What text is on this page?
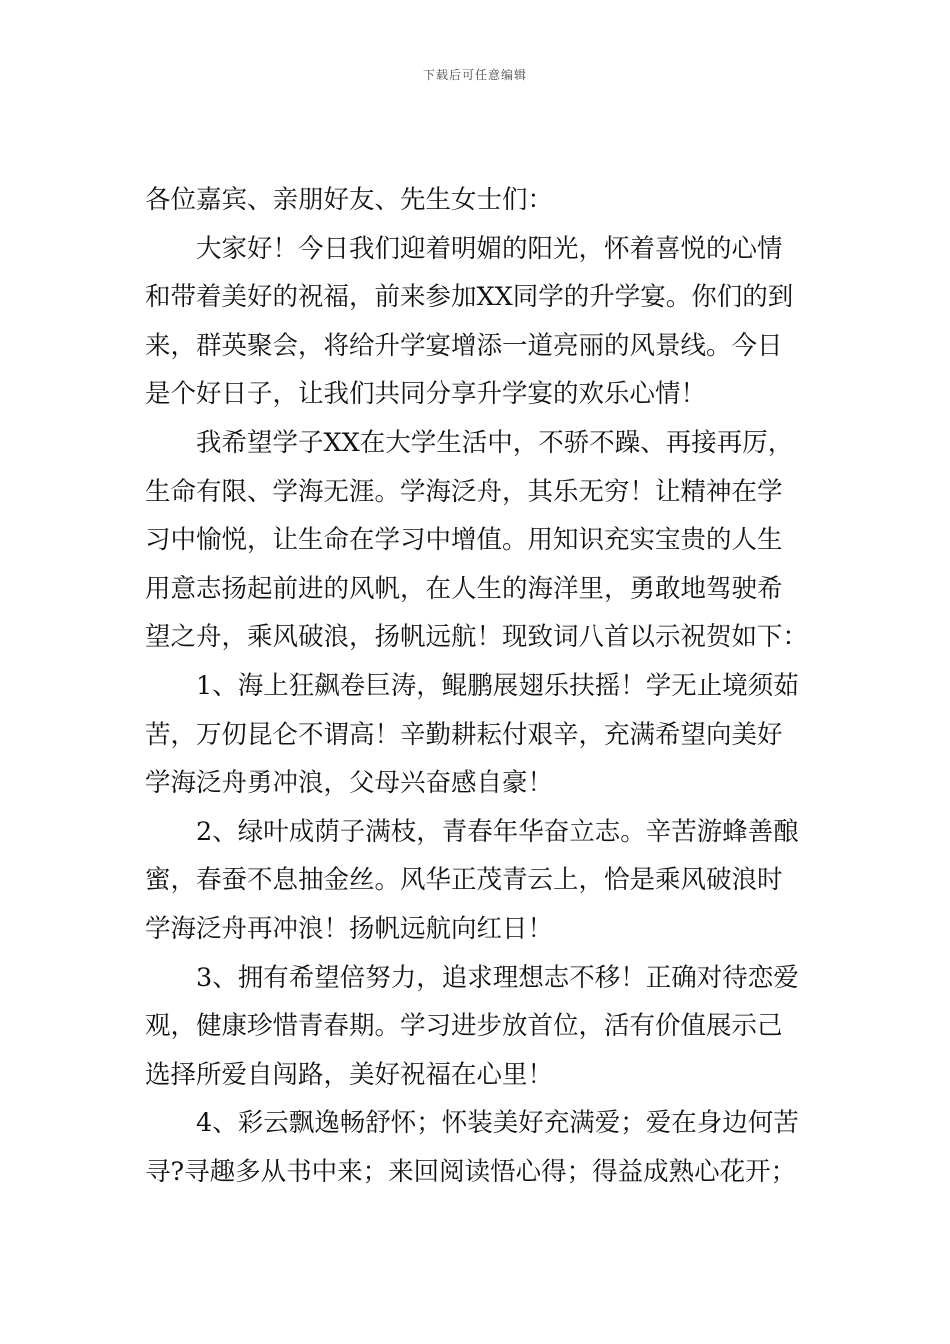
下载后可任意编辑
各位嘉宾、亲朋好友、先生女士们：
大家好！今日我们迎着明媚的阳光，怀着喜悦的心情
和带着美好的祝福，前来参加XX同学的升学宴。你们的到
来，群英聚会，将给升学宴增添一道亮丽的风景线。今日
是个好日子，让我们共同分享升学宴的欢乐心情！
我希望学子XX在大学生活中，不骄不躁、再接再厉，
生命有限、学海无涯。学海泛舟，其乐无穷！让精神在学
习中愉悦，让生命在学习中增值。用知识充实宝贵的人生
用意志扬起前进的风帆，在人生的海洋里，勇敢地驾驶希
望之舟，乘风破浪，扬帆远航！现致词八首以示祝贺如下：
1、海上狂飙卷巨涛，鲲鹏展翅乐扶摇！学无止境须茹
苦，万仞昆仑不谓高！辛勤耕耘付艰辛，充满希望向美好
学海泛舟勇冲浪，父母兴奋感自豪！
2、绿叶成荫子满枝，青春年华奋立志。辛苦游蜂善酿
蜜，春蚕不息抽金丝。风华正茂青云上，恰是乘风破浪时
学海泛舟再冲浪！扬帆远航向红日！
3、拥有希望倍努力，追求理想志不移！正确对待恋爱
观，健康珍惜青春期。学习进步放首位，活有价值展示己
选择所爱自闯路，美好祝福在心里！
4、彩云飘逸畅舒怀；怀装美好充满爱；爱在身边何苦
寻?寻趣多从书中来；来回阅读悟心得；得益成熟心花开；
